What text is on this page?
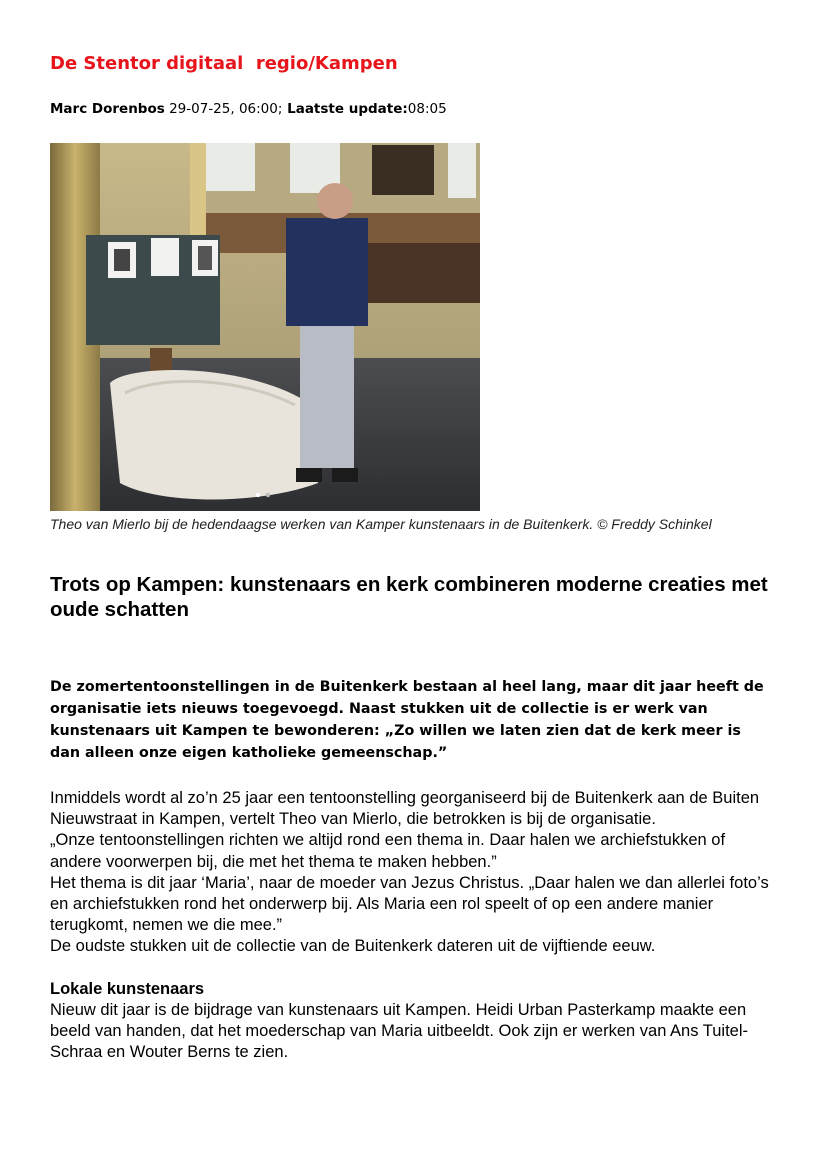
De Stentor digitaal  regio/Kampen
Marc Dorenbos 29-07-25, 06:00; Laatste update:08:05
Theo van Mierlo bij de hedendaagse werken van Kamper kunstenaars in de Buitenkerk. © Freddy Schinkel
Trots op Kampen: kunstenaars en kerk combineren moderne creaties met oude schatten
De zomertentoonstellingen in de Buitenkerk bestaan al heel lang, maar dit jaar heeft de organisatie iets nieuws toegevoegd. Naast stukken uit de collectie is er werk van kunstenaars uit Kampen te bewonderen: „Zo willen we laten zien dat de kerk meer is dan alleen onze eigen katholieke gemeenschap.”

Inmiddels wordt al zo’n 25 jaar een tentoonstelling georganiseerd bij de Buitenkerk aan de Buiten Nieuwstraat in Kampen, vertelt Theo van Mierlo, die betrokken is bij de organisatie.

„Onze tentoonstellingen richten we altijd rond een thema in. Daar halen we archiefstukken of andere voorwerpen bij, die met het thema te maken hebben.”

Het thema is dit jaar ‘Maria’, naar de moeder van Jezus Christus. „Daar halen we dan allerlei foto’s en archiefstukken rond het onderwerp bij. Als Maria een rol speelt of op een andere manier terugkomt, nemen we die mee.”

De oudste stukken uit de collectie van de Buitenkerk dateren uit de vijftiende eeuw.

Lokale kunstenaars

Nieuw dit jaar is de bijdrage van kunstenaars uit Kampen. Heidi Urban Pasterkamp maakte een beeld van handen, dat het moederschap van Maria uitbeeldt. Ook zijn er werken van Ans Tuitel-Schraa en Wouter Berns te zien.
